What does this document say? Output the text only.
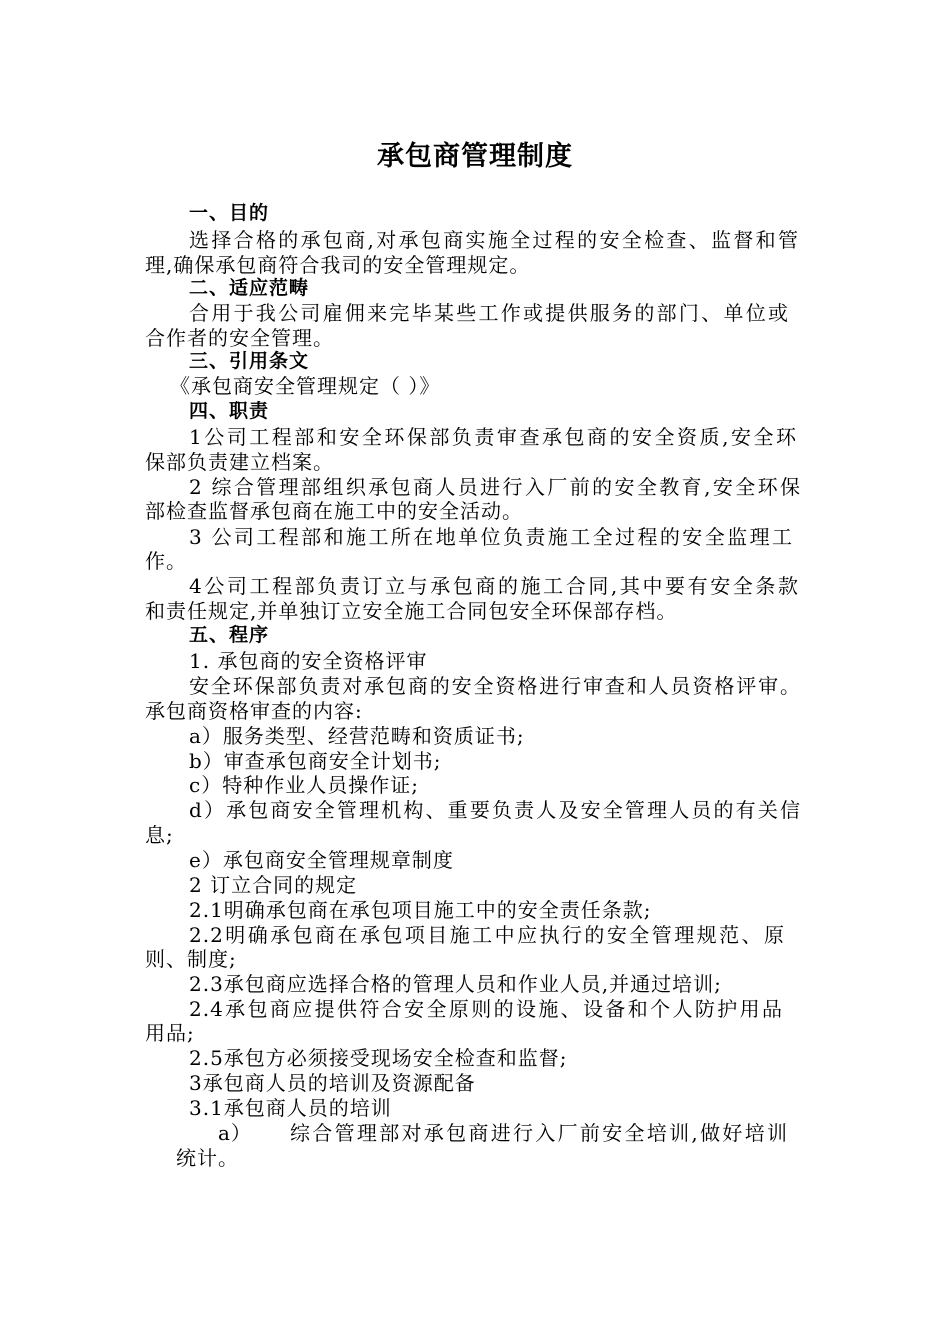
承包商管理制度
一、目的
选择合格的承包商,对承包商实施全过程的安全检查、监督和管
理,确保承包商符合我司的安全管理规定。
二、适应范畴
合用于我公司雇佣来完毕某些工作或提供服务的部门、单位或
合作者的安全管理。
三、引用条文
《承包商安全管理规定（ ）》
四、职责
1公司工程部和安全环保部负责审查承包商的安全资质,安全环
保部负责建立档案。
2 综合管理部组织承包商人员进行入厂前的安全教育,安全环保
部检查监督承包商在施工中的安全活动。
3 公司工程部和施工所在地单位负责施工全过程的安全监理工
作。
4公司工程部负责订立与承包商的施工合同,其中要有安全条款
和责任规定,并单独订立安全施工合同包安全环保部存档。
五、程序
1. 承包商的安全资格评审
安全环保部负责对承包商的安全资格进行审查和人员资格评审。
承包商资格审查的内容:
a）服务类型、经营范畴和资质证书;
b）审查承包商安全计划书;
c）特种作业人员操作证;
d）承包商安全管理机构、重要负责人及安全管理人员的有关信
息;
e）承包商安全管理规章制度
2 订立合同的规定
2.1明确承包商在承包项目施工中的安全责任条款;
2.2明确承包商在承包项目施工中应执行的安全管理规范、原
则、制度;
2.3承包商应选择合格的管理人员和作业人员,并通过培训;
2.4承包商应提供符合安全原则的设施、设备和个人防护用品
用品;
2.5承包方必须接受现场安全检查和监督;
3承包商人员的培训及资源配备
3.1承包商人员的培训
a） 综合管理部对承包商进行入厂前安全培训,做好培训
统计。
